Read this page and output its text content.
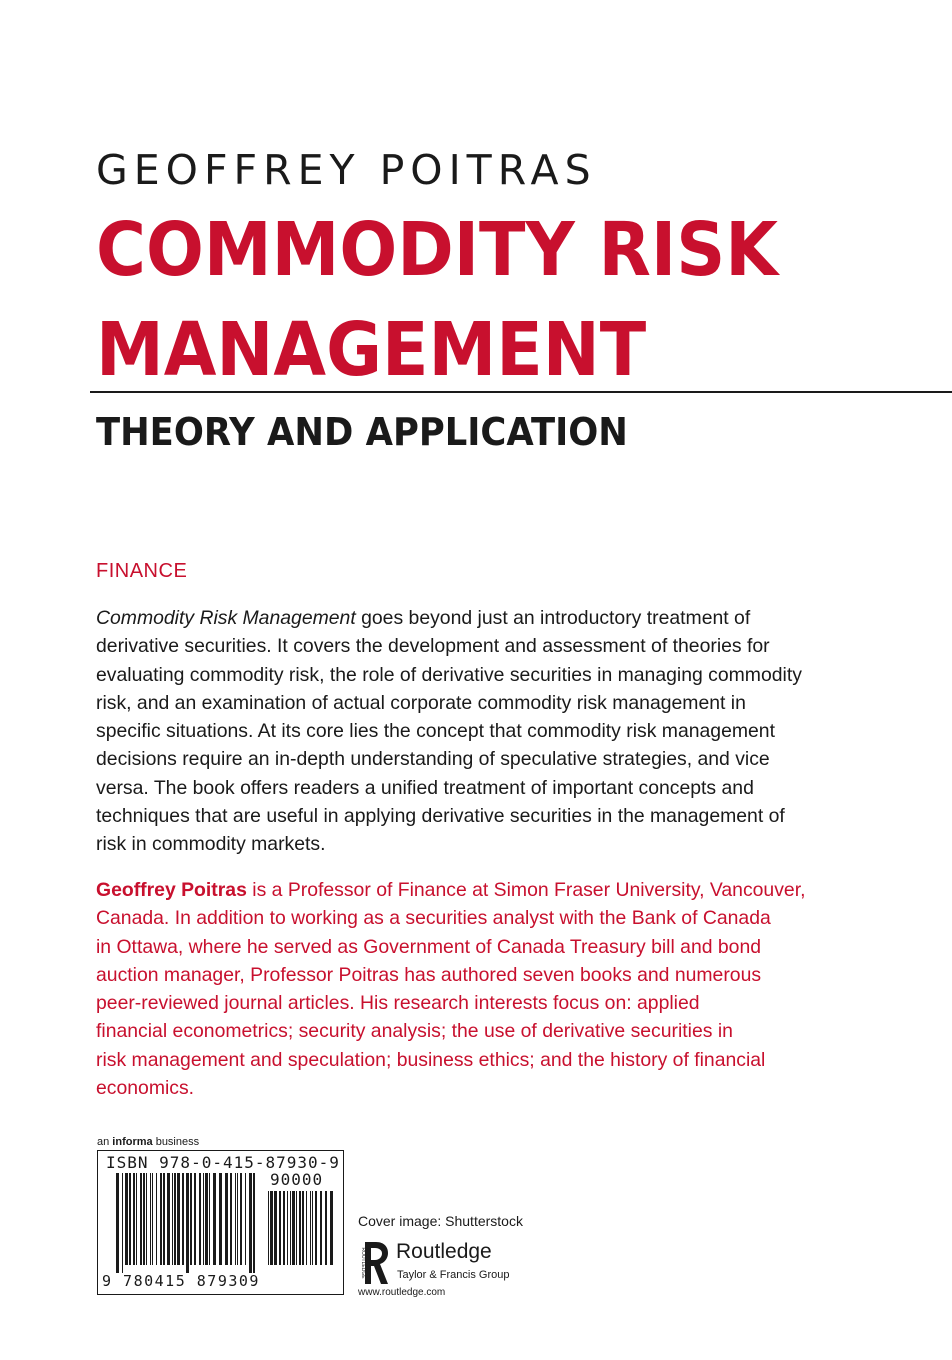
GEOFFREY POITRAS
COMMODITY RISK
MANAGEMENT
THEORY AND APPLICATION
FINANCE
Commodity Risk Management goes beyond just an introductory treatment of
derivative securities. It covers the development and assessment of theories for
evaluating commodity risk, the role of derivative securities in managing commodity
risk, and an examination of actual corporate commodity risk management in
specific situations. At its core lies the concept that commodity risk management
decisions require an in-depth understanding of speculative strategies, and vice
versa. The book offers readers a unified treatment of important concepts and
techniques that are useful in applying derivative securities in the management of
risk in commodity markets.
Geoffrey Poitras is a Professor of Finance at Simon Fraser University, Vancouver,
Canada. In addition to working as a securities analyst with the Bank of Canada
in Ottawa, where he served as Government of Canada Treasury bill and bond
auction manager, Professor Poitras has authored seven books and numerous
peer-reviewed journal articles. His research interests focus on: applied
financial econometrics; security analysis; the use of derivative securities in
risk management and speculation; business ethics; and the history of financial
economics.
an informa business
ISBN 978-0-415-87930-9
90000
9 780415 879309
Cover image: Shutterstock
ROUTLEDGE Routledge
Taylor & Francis Group
www.routledge.com
